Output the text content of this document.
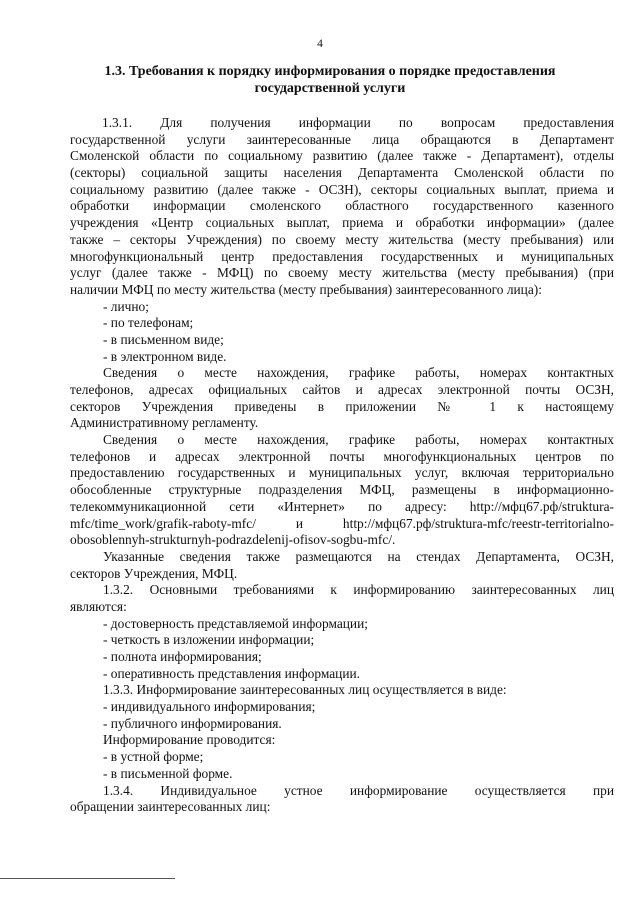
4
1.3. Требования к порядку информирования о порядке предоставления
государственной услуги
1.3.1. Для получения информации по вопросам предоставления
государственной услуги заинтересованные лица обращаются в Департамент
Смоленской области по социальному развитию (далее также - Департамент), отделы
(секторы) социальной защиты населения Департамента Смоленской области по
социальному развитию (далее также - ОСЗН), секторы социальных выплат, приема и
обработки информации смоленского областного государственного казенного
учреждения «Центр социальных выплат, приема и обработки информации» (далее
также – секторы Учреждения) по своему месту жительства (месту пребывания) или
многофункциональный центр предоставления государственных и муниципальных
услуг (далее также - МФЦ) по своему месту жительства (месту пребывания) (при
наличии МФЦ по месту жительства (месту пребывания) заинтересованного лица):
- лично;
- по телефонам;
- в письменном виде;
- в электронном виде.
Сведения о месте нахождения, графике работы, номерах контактных
телефонов, адресах официальных сайтов и адресах электронной почты ОСЗН,
секторов Учреждения приведены в приложении № 1 к настоящему
Административному регламенту.
Сведения о месте нахождения, графике работы, номерах контактных
телефонов и адресах электронной почты многофункциональных центров по
предоставлению государственных и муниципальных услуг, включая территориально
обособленные структурные подразделения МФЦ, размещены в информационно-
телекоммуникационной сети «Интернет» по адресу: http://мфц67.рф/struktura-
mfc/time_work/grafik-raboty-mfc/ и http://мфц67.рф/struktura-mfc/reestr-territorialno-
obosoblennyh-strukturnyh-podrazdelenij-ofisov-sogbu-mfc/.
Указанные сведения также размещаются на стендах Департамента, ОСЗН,
секторов Учреждения, МФЦ.
1.3.2. Основными требованиями к информированию заинтересованных лиц
являются:
- достоверность представляемой информации;
- четкость в изложении информации;
- полнота информирования;
- оперативность представления информации.
1.3.3. Информирование заинтересованных лиц осуществляется в виде:
- индивидуального информирования;
- публичного информирования.
Информирование проводится:
- в устной форме;
- в письменной форме.
1.3.4. Индивидуальное устное информирование осуществляется при
обращении заинтересованных лиц:
